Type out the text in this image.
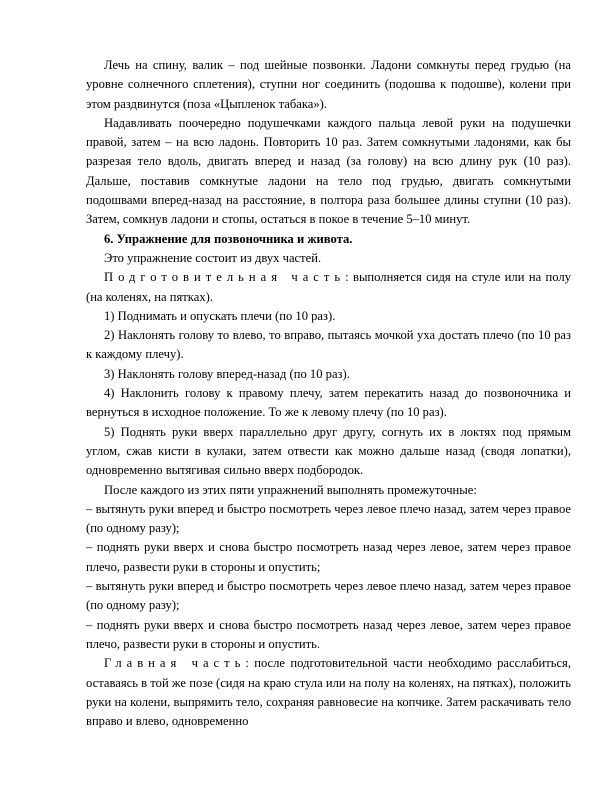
Лечь на спину, валик – под шейные позвонки. Ладони сомкнуты перед грудью (на уровне солнечного сплетения), ступни ног соединить (подошва к подошве), колени при этом раздвинутся (поза «Цыпленок табака»).

Надавливать поочередно подушечками каждого пальца левой руки на подушечки правой, затем – на всю ладонь. Повторить 10 раз. Затем сомкнутыми ладонями, как бы разрезая тело вдоль, двигать вперед и назад (за голову) на всю длину рук (10 раз). Дальше, поставив сомкнутые ладони на тело под грудью, двигать сомкнутыми подошвами вперед-назад на расстояние, в полтора раза большее длины ступни (10 раз). Затем, сомкнув ладони и стопы, остаться в покое в течение 5–10 минут.

6. Упражнение для позвоночника и живота.

Это упражнение состоит из двух частей.

Подготовительная часть: выполняется сидя на стуле или на полу (на коленях, на пятках).

1) Поднимать и опускать плечи (по 10 раз).

2) Наклонять голову то влево, то вправо, пытаясь мочкой уха достать плечо (по 10 раз к каждому плечу).

3) Наклонять голову вперед-назад (по 10 раз).

4) Наклонить голову к правому плечу, затем перекатить назад до позвоночника и вернуться в исходное положение. То же к левому плечу (по 10 раз).

5) Поднять руки вверх параллельно друг другу, согнуть их в локтях под прямым углом, сжав кисти в кулаки, затем отвести как можно дальше назад (сводя лопатки), одновременно вытягивая сильно вверх подбородок.

После каждого из этих пяти упражнений выполнять промежуточные:

– вытянуть руки вперед и быстро посмотреть через левое плечо назад, затем через правое (по одному разу);

– поднять руки вверх и снова быстро посмотреть назад через левое, затем через правое плечо, развести руки в стороны и опустить;

– вытянуть руки вперед и быстро посмотреть через левое плечо назад, затем через правое (по одному разу);

– поднять руки вверх и снова быстро посмотреть назад через левое, затем через правое плечо, развести руки в стороны и опустить.

Главная часть: после подготовительной части необходимо расслабиться, оставаясь в той же позе (сидя на краю стула или на полу на коленях, на пятках), положить руки на колени, выпрямить тело, сохраняя равновесие на копчике. Затем раскачивать тело вправо и влево, одновременно
